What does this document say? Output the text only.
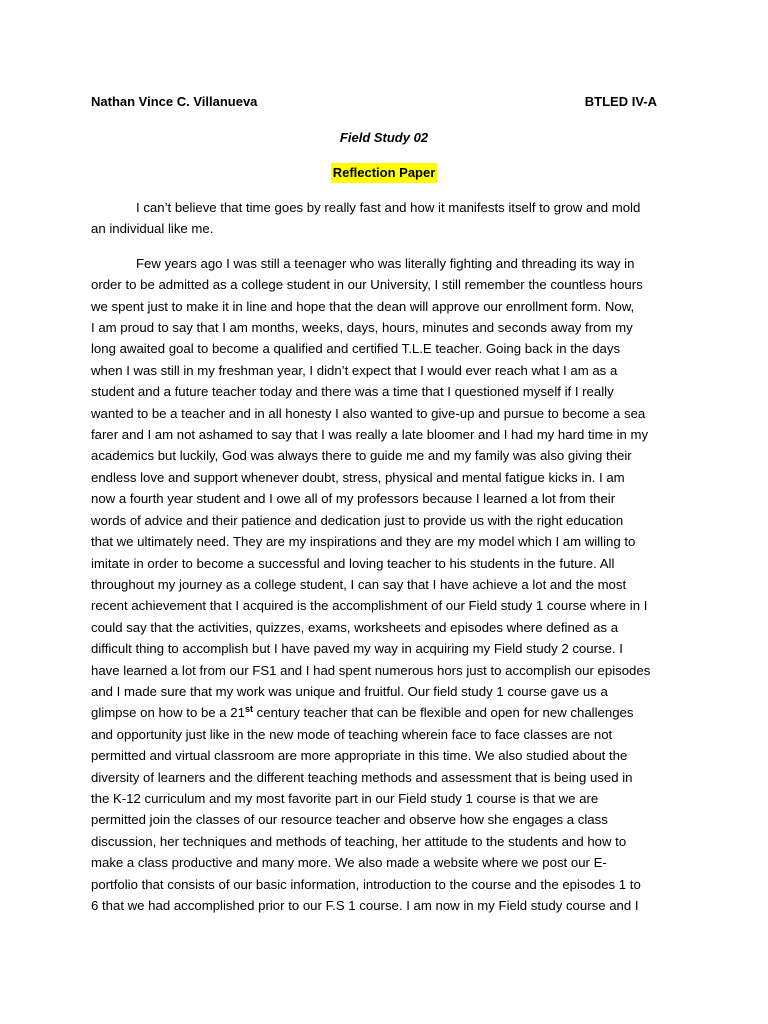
Nathan Vince C. Villanueva	BTLED IV-A
Field Study 02
Reflection Paper

I can’t believe that time goes by really fast and how it manifests itself to grow and mold
an individual like me.

Few years ago I was still a teenager who was literally fighting and threading its way in
order to be admitted as a college student in our University, I still remember the countless hours
we spent just to make it in line and hope that the dean will approve our enrollment form. Now,
I am proud to say that I am months, weeks, days, hours, minutes and seconds away from my
long awaited goal to become a qualified and certified T.L.E teacher. Going back in the days
when I was still in my freshman year, I didn’t expect that I would ever reach what I am as a
student and a future teacher today and there was a time that I questioned myself if I really
wanted to be a teacher and in all honesty I also wanted to give-up and pursue to become a sea
farer and I am not ashamed to say that I was really a late bloomer and I had my hard time in my
academics but luckily, God was always there to guide me and my family was also giving their
endless love and support whenever doubt, stress, physical and mental fatigue kicks in. I am
now a fourth year student and I owe all of my professors because I learned a lot from their
words of advice and their patience and dedication just to provide us with the right education
that we ultimately need. They are my inspirations and they are my model which I am willing to
imitate in order to become a successful and loving teacher to his students in the future. All
throughout my journey as a college student, I can say that I have achieve a lot and the most
recent achievement that I acquired is the accomplishment of our Field study 1 course where in I
could say that the activities, quizzes, exams, worksheets and episodes where defined as a
difficult thing to accomplish but I have paved my way in acquiring my Field study 2 course. I
have learned a lot from our FS1 and I had spent numerous hors just to accomplish our episodes
and I made sure that my work was unique and fruitful. Our field study 1 course gave us a
glimpse on how to be a 21st century teacher that can be flexible and open for new challenges
and opportunity just like in the new mode of teaching wherein face to face classes are not
permitted and virtual classroom are more appropriate in this time. We also studied about the
diversity of learners and the different teaching methods and assessment that is being used in
the K-12 curriculum and my most favorite part in our Field study 1 course is that we are
permitted join the classes of our resource teacher and observe how she engages a class
discussion, her techniques and methods of teaching, her attitude to the students and how to
make a class productive and many more. We also made a website where we post our E-
portfolio that consists of our basic information, introduction to the course and the episodes 1 to
6 that we had accomplished prior to our F.S 1 course. I am now in my Field study course and I
